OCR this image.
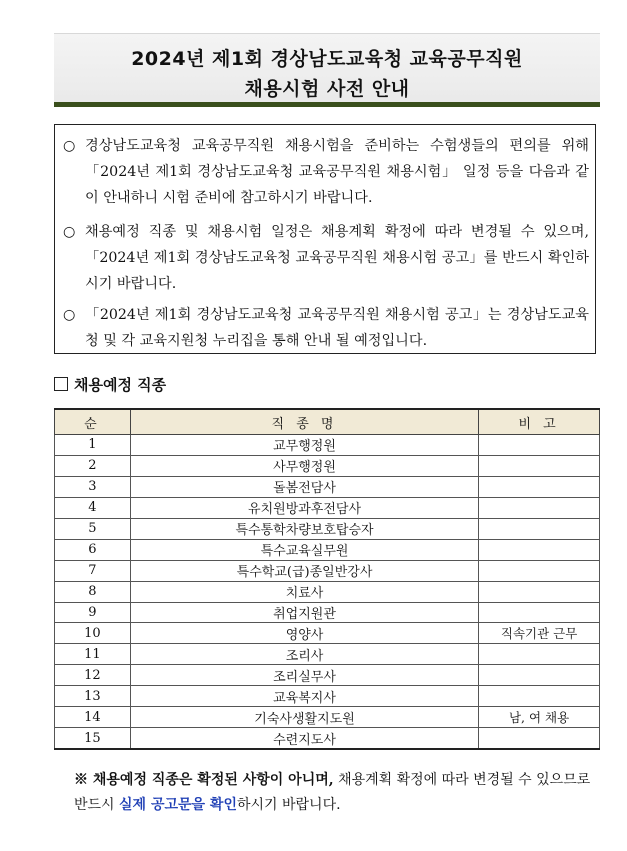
2024년 제1회 경상남도교육청 교육공무직원
채용시험 사전 안내
○ 경상남도교육청 교육공무직원 채용시험을 준비하는 수험생들의 편의를 위해「2024년 제1회 경상남도교육청 교육공무직원 채용시험」 일정 등을 다음과 같이 안내하니 시험 준비에 참고하시기 바랍니다.
○ 채용예정 직종 및 채용시험 일정은 채용계획 확정에 따라 변경될 수 있으며,「2024년 제1회 경상남도교육청 교육공무직원 채용시험 공고」를 반드시 확인하시기 바랍니다.
○ 「2024년 제1회 경상남도교육청 교육공무직원 채용시험 공고」는 경상남도교육청 및 각 교육지원청 누리집을 통해 안내 될 예정입니다.
채용예정 직종
순	직 종 명	비 고
1	교무행정원	
2	사무행정원	
3	돌봄전담사	
4	유치원방과후전담사	
5	특수통학차량보호탑승자	
6	특수교육실무원	
7	특수학교(급)종일반강사	
8	치료사	
9	취업지원관	
10	영양사	직속기관 근무
11	조리사	
12	조리실무사	
13	교육복지사	
14	기숙사생활지도원	남, 여 채용
15	수련지도사	
※ 채용예정 직종은 확정된 사항이 아니며, 채용계획 확정에 따라 변경될 수 있으므로 반드시 실제 공고문을 확인하시기 바랍니다.
